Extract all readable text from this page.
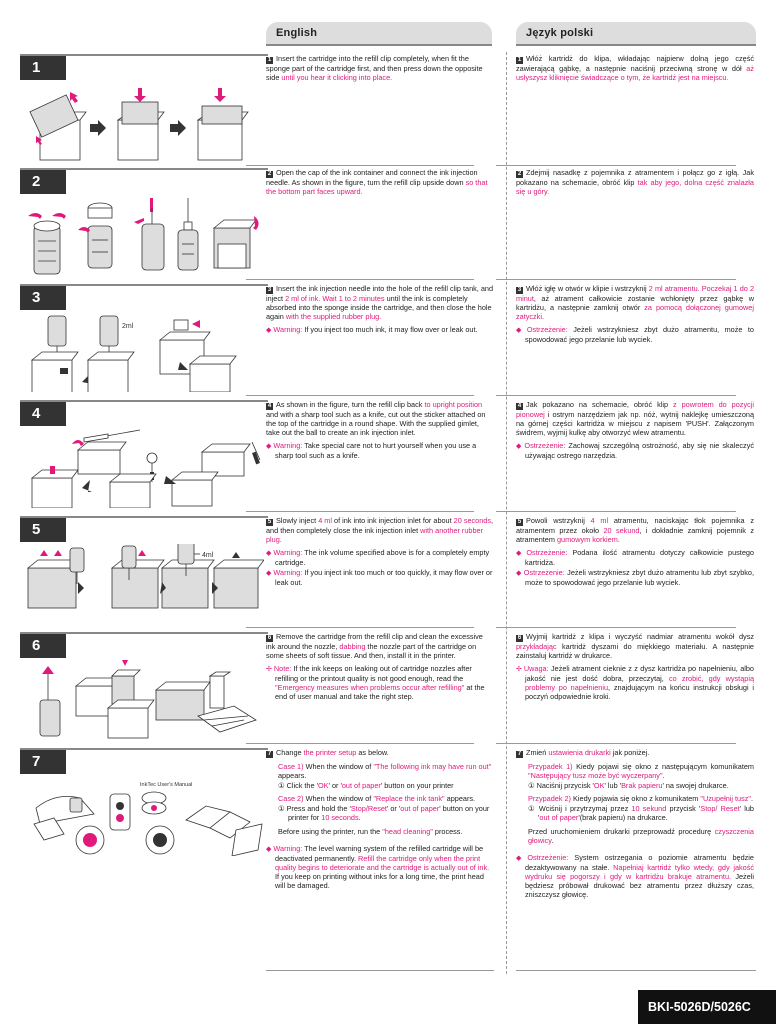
English	Język polski
1	1 Insert the cartridge into the refill clip completely, when fit the sponge part of the cartridge first, and then press down the opposite side until you hear it clicking into place.

1 Włóż kartridż do klipa, wkładając najpierw dolną jego część zawierającą gąbkę, a następnie naciśnij przeciwną stronę w dół aż usłyszysz kliknięcie świadczące o tym, że kartridż jest na miejscu.

2	2 Open the cap of the ink container and connect the ink injection needle. As shown in the figure, turn the refill clip upside down so that the bottom part faces upward.

2 Zdejmij nasadkę z pojemnika z atramentem i połącz go z igłą. Jak pokazano na schemacie, obróć klip tak aby jego, dolna część znalazła się u góry.

3
2ml

3 Insert the ink injection needle into the hole of the refill clip tank, and inject 2 ml of ink. Wait 1 to 2 minutes until the ink is completely absorbed into the sponge inside the cartridge, and then close the hole again with the supplied rubber plug.

◆ Warning: If you inject too much ink, it may flow over or leak out.

3 Włóż igłę w otwór w klipie i wstrzyknij 2 ml atramentu. Poczekaj 1 do 2 minut, aż atrament całkowicie zostanie wchłonięty przez gąbkę w kartridżu, a następnie zamknij otwór za pomocą dołączonej gumowej zatyczki.

◆ Ostrzeżenie: Jeżeli wstrzykniesz zbyt dużo atramentu, może to spowodować jego przelanie lub wyciek.

4	4 As shown in the figure, turn the refill clip back to upright position and with a sharp tool such as a knife, cut out the sticker attached on the top of the cartridge in a round shape. With the supplied gimlet, take out the ball to create an ink injection inlet.

◆ Warning: Take special care not to hurt yourself when you use a sharp tool such as a knife.

4 Jak pokazano na schemacie, obróć klip z powrotem do pozycji pionowej i ostrym narzędziem jak np. nóż, wytnij naklejkę umieszczoną na górnej części kartridża w miejscu z napisem 'PUSH'. Załączonym świdrem, wyjmij kulkę aby otworzyć wlew atramentu.

◆ Ostrzeżenie: Zachowaj szczególną ostrożność, aby się nie skaleczyć używając ostrego narzędzia.

5
4ml

5 Slowly inject 4 ml of ink into ink injection inlet for about 20 seconds, and then completely close the ink injection inlet with another rubber plug.

◆ Warning: The ink volume specified above is for a completely empty cartridge.

◆ Warning: If you inject ink too much or too quickly, it may flow over or leak out.

5 Powoli wstrzyknij 4 ml atramentu, naciskając tłok pojemnika z atramentem przez około 20 sekund, i dokładnie zamknij pojemnik z atramentem gumowym korkiem.

◆ Ostrzeżenie: Podana ilość atramentu dotyczy całkowicie pustego kartridża.

◆ Ostrzeżenie: Jeżeli wstrzykniesz zbyt dużo atramentu lub zbyt szybko, może to spowodować jego przelanie lub wyciek.

6	6 Remove the cartridge from the refill clip and clean the excessive ink around the nozzle, dabbing the nozzle part of the cartridge on some sheets of soft tissue. And then, install it in the printer.

✢ Note: If the ink keeps on leaking out of cartridge nozzles after refilling or the printout quality is not good enough, read the "Emergency measures when problems occur after refilling" at the end of user manual and take the right step.

6 Wyjmij kartridż z klipa i wyczyść nadmiar atramentu wokół dysz przykładając kartridż dyszami do miękkiego materiału. A następnie zainstaluj kartridż w drukarce.

✢ Uwaga: Jeżeli atrament cieknie z z dysz kartridża po napełnieniu, albo jakość nie jest dość dobra, przeczytaj, co zrobić, gdy wystąpią problemy po napełnieniu, znajdującym na końcu instrukcji obsługi i poczyń odpowiednie kroki.

7
InkTec User's Manual

7 Change the printer setup as below.

Case 1) When the window of "The following ink may have run out" appears.

① Click the 'OK' or 'out of paper' button on your printer

Case 2) When the window of "Replace the ink tank" appears.

① Press and hold the 'Stop/Reset' or 'out of paper' button on your printer for 10 seconds.

Before using the printer, run the "head cleaning" process.

◆ Warning: The level warning system of the refilled cartridge will be deactivated permanently. Refill the cartridge only when the print quality begins to deteriorate and the cartridge is actually out of ink. If you keep on printing without inks for a long time, the print head will be damaged.

7 Zmień ustawienia drukarki jak poniżej.

Przypadek 1) Kiedy pojawi się okno z następującym komunikatem "Następujący tusz może być wyczerpany".

① Naciśnij przycisk 'OK' lub 'Brak papieru' na swojej drukarce.

Przypadek 2) Kiedy pojawia się okno z komunikatem "Uzupełnij tusz".

① Wciśnij i przytrzymaj przez 10 sekund przycisk 'Stop/ Reset' lub 'out of paper'(brak papieru) na drukarce.

Przed uruchomieniem drukarki przeprowadź procedurę czyszczenia głowicy.

◆ Ostrzeżenie: System ostrzegania o poziomie atramentu będzie dezaktywowany na stałe. Napełniaj kartridż tylko wtedy, gdy jakość wydruku się pogorszy i gdy w kartridżu brakuje atramentu. Jeżeli będziesz próbował drukować bez atramentu przez dłuższy czas, zniszczysz głowicę.

BKI-5026D/5026C
